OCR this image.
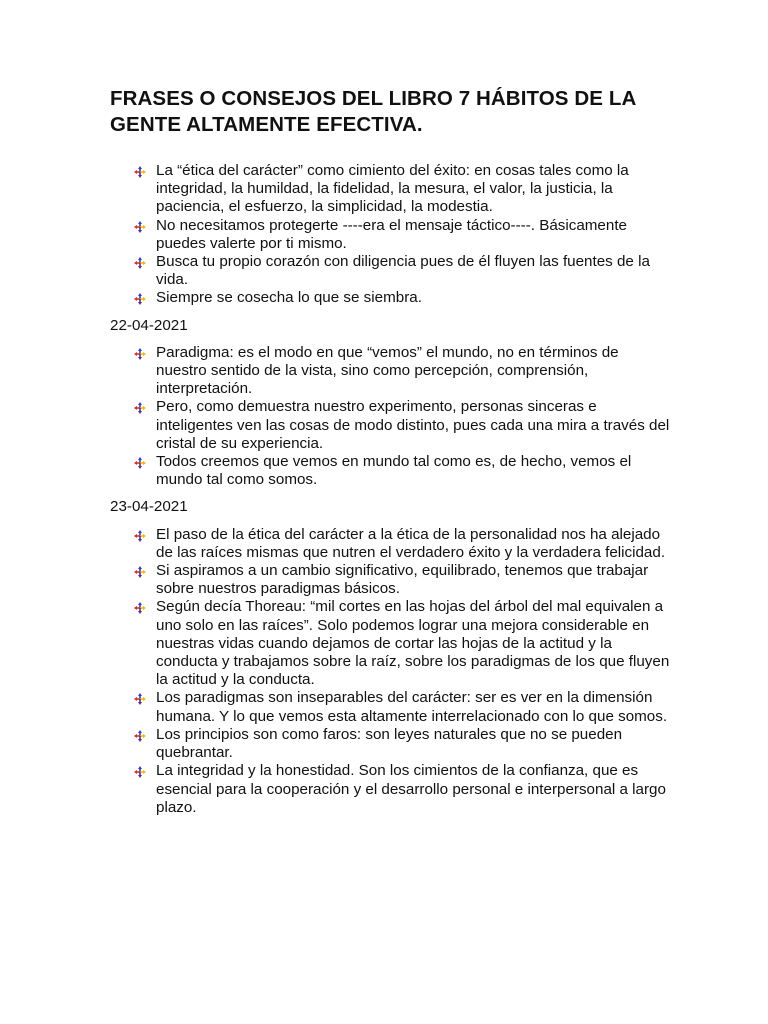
FRASES O CONSEJOS DEL LIBRO 7 HÁBITOS DE LA GENTE ALTAMENTE EFECTIVA.
La “ética del carácter” como cimiento del éxito: en cosas tales como la integridad, la humildad, la fidelidad, la mesura, el valor, la justicia, la paciencia, el esfuerzo, la simplicidad, la modestia.
No necesitamos protegerte ----era el mensaje táctico----. Básicamente puedes valerte por ti mismo.
Busca tu propio corazón con diligencia pues de él fluyen las fuentes de la vida.
Siempre se cosecha lo que se siembra.

22-04-2021

Paradigma: es el modo en que “vemos” el mundo, no en términos de nuestro sentido de la vista, sino como percepción, comprensión, interpretación.
Pero, como demuestra nuestro experimento, personas sinceras e inteligentes ven las cosas de modo distinto, pues cada una mira a través del cristal de su experiencia.
Todos creemos que vemos en mundo tal como es, de hecho, vemos el mundo tal como somos.

23-04-2021

El paso de la ética del carácter a la ética de la personalidad nos ha alejado de las raíces mismas que nutren el verdadero éxito y la verdadera felicidad.
Si aspiramos a un cambio significativo, equilibrado, tenemos que trabajar sobre nuestros paradigmas básicos.
Según decía Thoreau: “mil cortes en las hojas del árbol del mal equivalen a uno solo en las raíces”. Solo podemos lograr una mejora considerable en nuestras vidas cuando dejamos de cortar las hojas de la actitud y la conducta y trabajamos sobre la raíz, sobre los paradigmas de los que fluyen la actitud y la conducta.
Los paradigmas son inseparables del carácter: ser es ver en la dimensión humana. Y lo que vemos esta altamente interrelacionado con lo que somos.
Los principios son como faros: son leyes naturales que no se pueden quebrantar.
La integridad y la honestidad. Son los cimientos de la confianza, que es esencial para la cooperación y el desarrollo personal e interpersonal a largo plazo.
